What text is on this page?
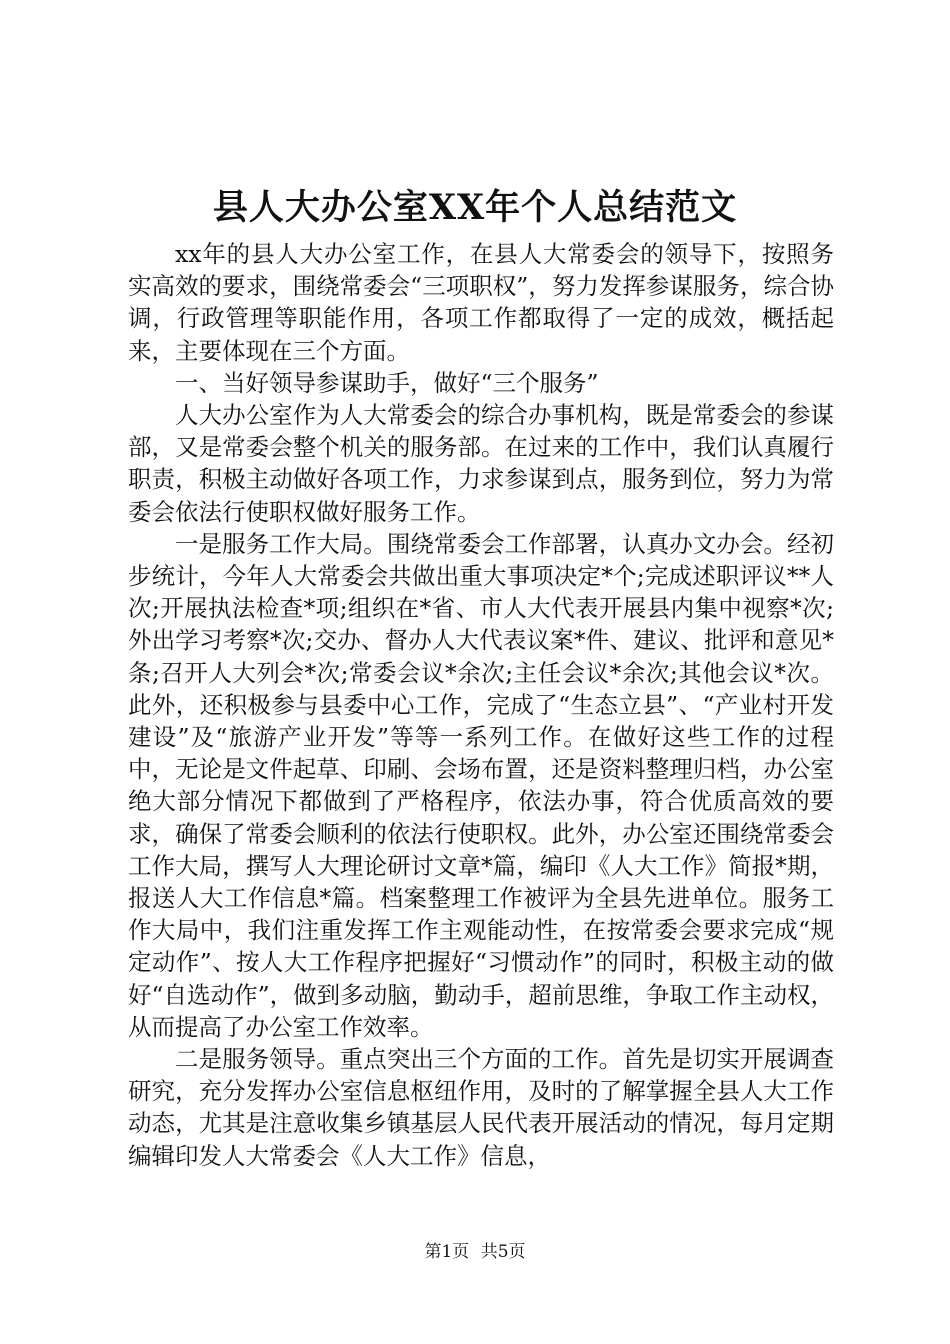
县人大办公室XX年个人总结范文

xx年的县人大办公室工作，在县人大常委会的领导下，按照务实高效的要求，围绕常委会“三项职权”，努力发挥参谋服务，综合协调，行政管理等职能作用，各项工作都取得了一定的成效，概括起来，主要体现在三个方面。

一、当好领导参谋助手，做好“三个服务”

人大办公室作为人大常委会的综合办事机构，既是常委会的参谋部，又是常委会整个机关的服务部。在过来的工作中，我们认真履行职责，积极主动做好各项工作，力求参谋到点，服务到位，努力为常委会依法行使职权做好服务工作。

一是服务工作大局。围绕常委会工作部署，认真办文办会。经初步统计，今年人大常委会共做出重大事项决定*个;完成述职评议**人次;开展执法检查*项;组织在*省、市人大代表开展县内集中视察*次;外出学习考察*次;交办、督办人大代表议案*件、建议、批评和意见*条;召开人大列会*次;常委会议*余次;主任会议*余次;其他会议*次。此外，还积极参与县委中心工作，完成了“生态立县”、“产业村开发建设”及“旅游产业开发”等等一系列工作。在做好这些工作的过程中，无论是文件起草、印刷、会场布置，还是资料整理归档，办公室绝大部分情况下都做到了严格程序，依法办事，符合优质高效的要求，确保了常委会顺利的依法行使职权。此外，办公室还围绕常委会工作大局，撰写人大理论研讨文章*篇，编印《人大工作》简报*期，报送人大工作信息*篇。档案整理工作被评为全县先进单位。服务工作大局中，我们注重发挥工作主观能动性，在按常委会要求完成“规定动作”、按人大工作程序把握好“习惯动作”的同时，积极主动的做好“自选动作”，做到多动脑，勤动手，超前思维，争取工作主动权，从而提高了办公室工作效率。

二是服务领导。重点突出三个方面的工作。首先是切实开展调查研究，充分发挥办公室信息枢纽作用，及时的了解掌握全县人大工作动态，尤其是注意收集乡镇基层人民代表开展活动的情况，每月定期编辑印发人大常委会《人大工作》信息，

第1页 共5页
